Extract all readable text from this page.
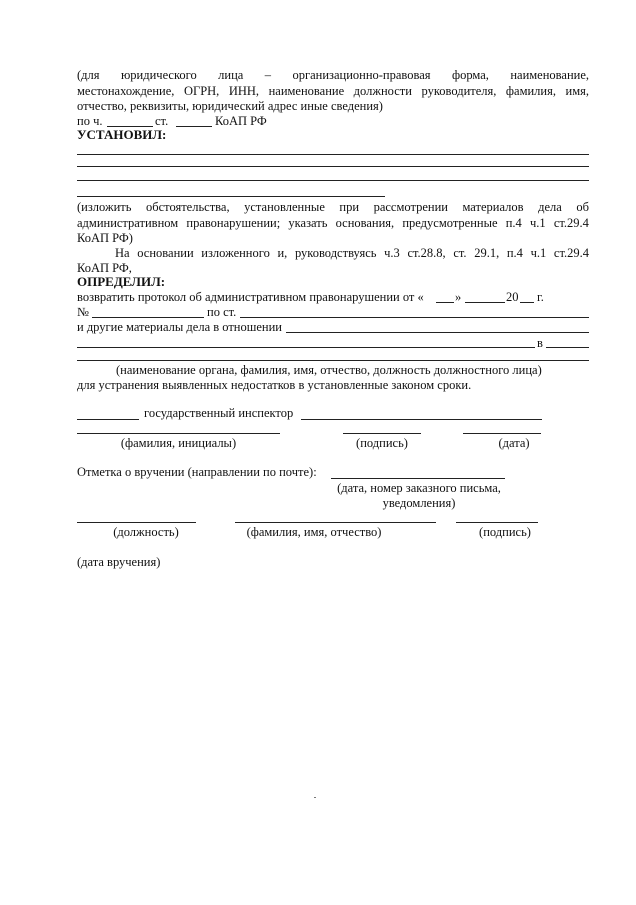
(для юридического лица – организационно-правовая форма, наименование,
местонахождение, ОГРН, ИНН, наименование должности руководителя, фамилия, имя,
отчество, реквизиты, юридический адрес иные сведения)
по ч.	ст.	КоАП РФ
УСТАНОВИЛ:
(изложить обстоятельства, установленные при рассмотрении материалов дела об
административном правонарушении; указать основания, предусмотренные п.4 ч.1 ст.29.4
КоАП РФ)
На основании изложенного и, руководствуясь ч.3 ст.28.8, ст. 29.1, п.4 ч.1 ст.29.4
КоАП РФ,
ОПРЕДЕЛИЛ:
возвратить протокол об административном правонарушении от «	»	20 г.
№	по ст.
и другие материалы дела в отношении
в
(наименование органа, фамилия, имя, отчество, должность должностного лица)
для устранения выявленных недостатков в установленные законом сроки.
государственный инспектор
(фамилия, инициалы)	(подпись)	(дата)
Отметка о вручении (направлении по почте):
(дата, номер заказного письма,
уведомления)
(должность)	(фамилия, имя, отчество)	(подпись)
(дата вручения)
